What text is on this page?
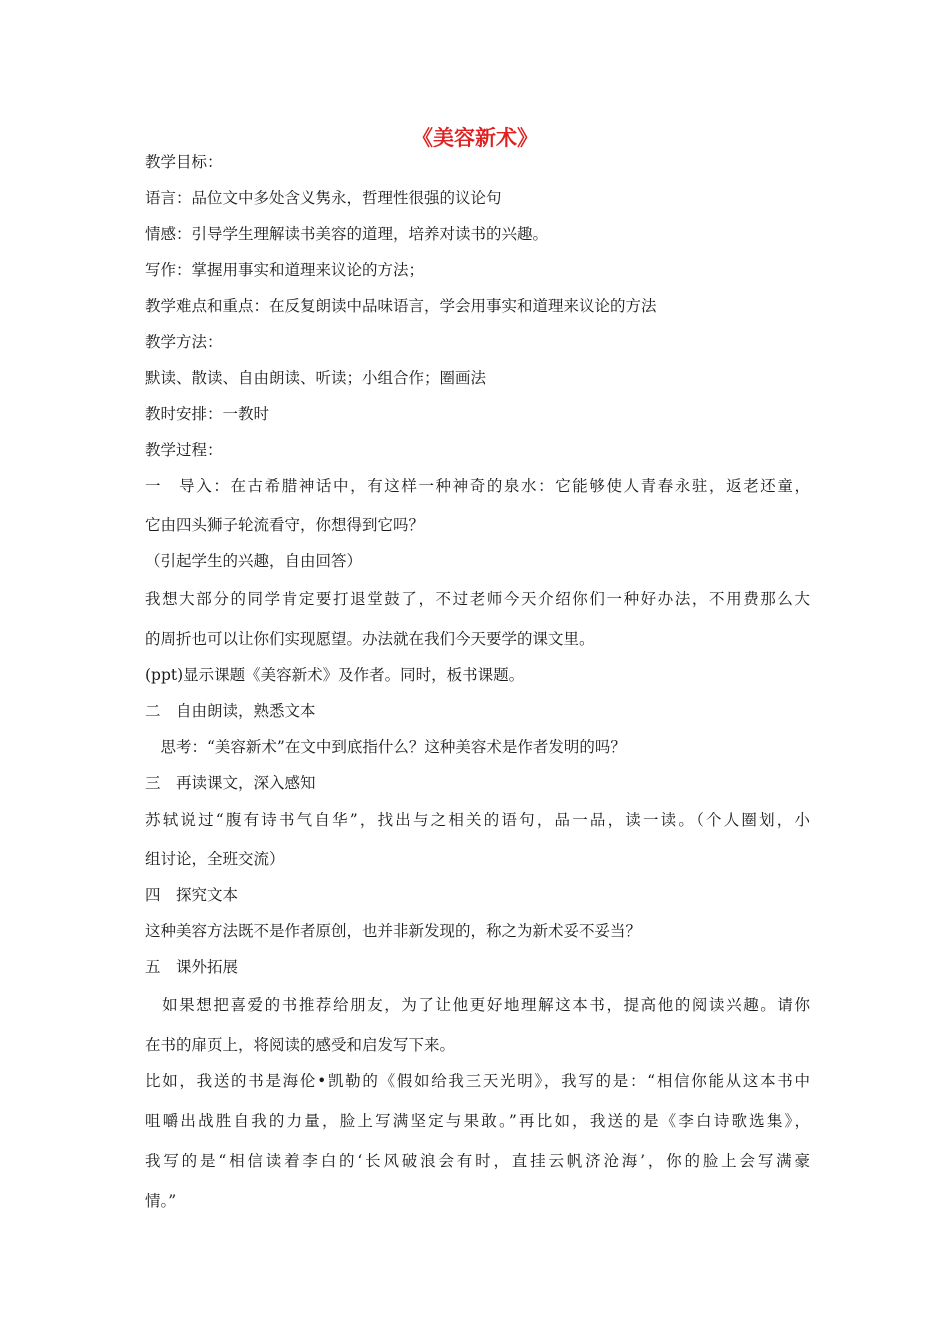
《美容新术》
教学目标：
语言：品位文中多处含义隽永，哲理性很强的议论句
情感：引导学生理解读书美容的道理，培养对读书的兴趣。
写作：掌握用事实和道理来议论的方法；
教学难点和重点：在反复朗读中品味语言，学会用事实和道理来议论的方法
教学方法：
默读、散读、自由朗读、听读；小组合作；圈画法
教时安排：一教时
教学过程：
一　导入：在古希腊神话中，有这样一种神奇的泉水：它能够使人青春永驻，返老还童，
它由四头狮子轮流看守，你想得到它吗？
（引起学生的兴趣，自由回答）
我想大部分的同学肯定要打退堂鼓了，不过老师今天介绍你们一种好办法，不用费那么大
的周折也可以让你们实现愿望。办法就在我们今天要学的课文里。
(ppt)显示课题《美容新术》及作者。同时，板书课题。
二　自由朗读，熟悉文本
　思考：“美容新术”在文中到底指什么？这种美容术是作者发明的吗？
三　再读课文，深入感知
苏轼说过“腹有诗书气自华”，找出与之相关的语句，品一品，读一读。（个人圈划，小
组讨论，全班交流）
四　探究文本
这种美容方法既不是作者原创，也并非新发现的，称之为新术妥不妥当？
五　课外拓展
　如果想把喜爱的书推荐给朋友，为了让他更好地理解这本书，提高他的阅读兴趣。请你
在书的扉页上，将阅读的感受和启发写下来。
比如，我送的书是海伦•凯勒的《假如给我三天光明》，我写的是：“相信你能从这本书中
咀嚼出战胜自我的力量，脸上写满坚定与果敢。”再比如，我送的是《李白诗歌选集》，
我写的是“相信读着李白的‘长风破浪会有时，直挂云帆济沧海’，你的脸上会写满豪
情。”
